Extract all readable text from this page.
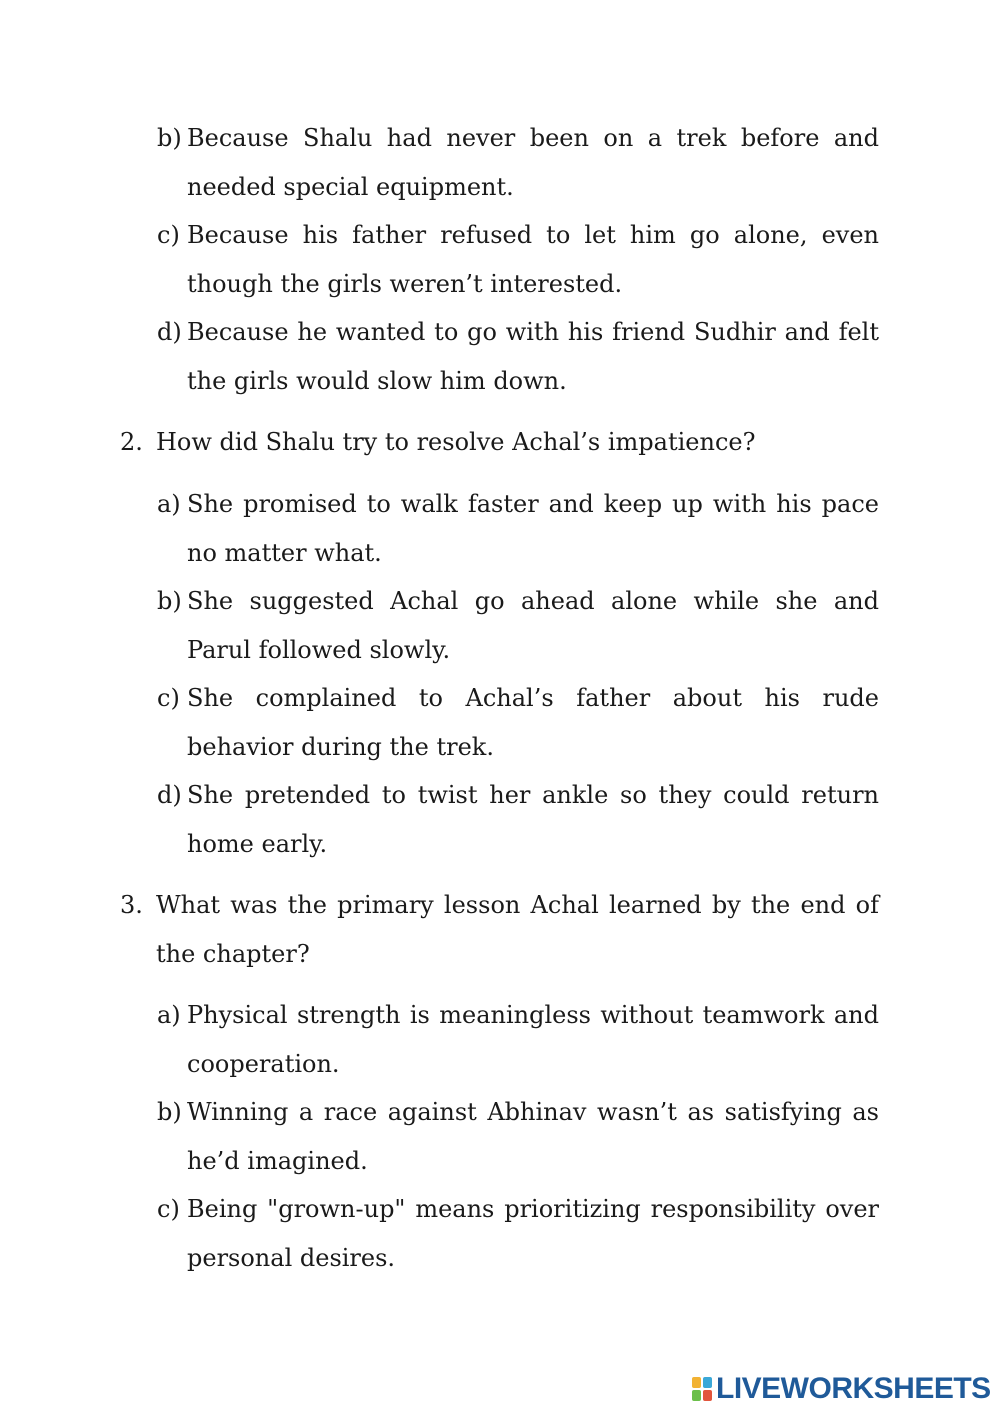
b) Because Shalu had never been on a trek before and needed special equipment.
c) Because his father refused to let him go alone, even though the girls weren’t interested.
d) Because he wanted to go with his friend Sudhir and felt the girls would slow him down.
2. How did Shalu try to resolve Achal’s impatience?
a) She promised to walk faster and keep up with his pace no matter what.
b) She suggested Achal go ahead alone while she and Parul followed slowly.
c) She complained to Achal’s father about his rude behavior during the trek.
d) She pretended to twist her ankle so they could return home early.
3. What was the primary lesson Achal learned by the end of the chapter?
a) Physical strength is meaningless without teamwork and cooperation.
b) Winning a race against Abhinav wasn’t as satisfying as he’d imagined.
c) Being "grown-up" means prioritizing responsibility over personal desires.
LIVEWORKSHEETS
